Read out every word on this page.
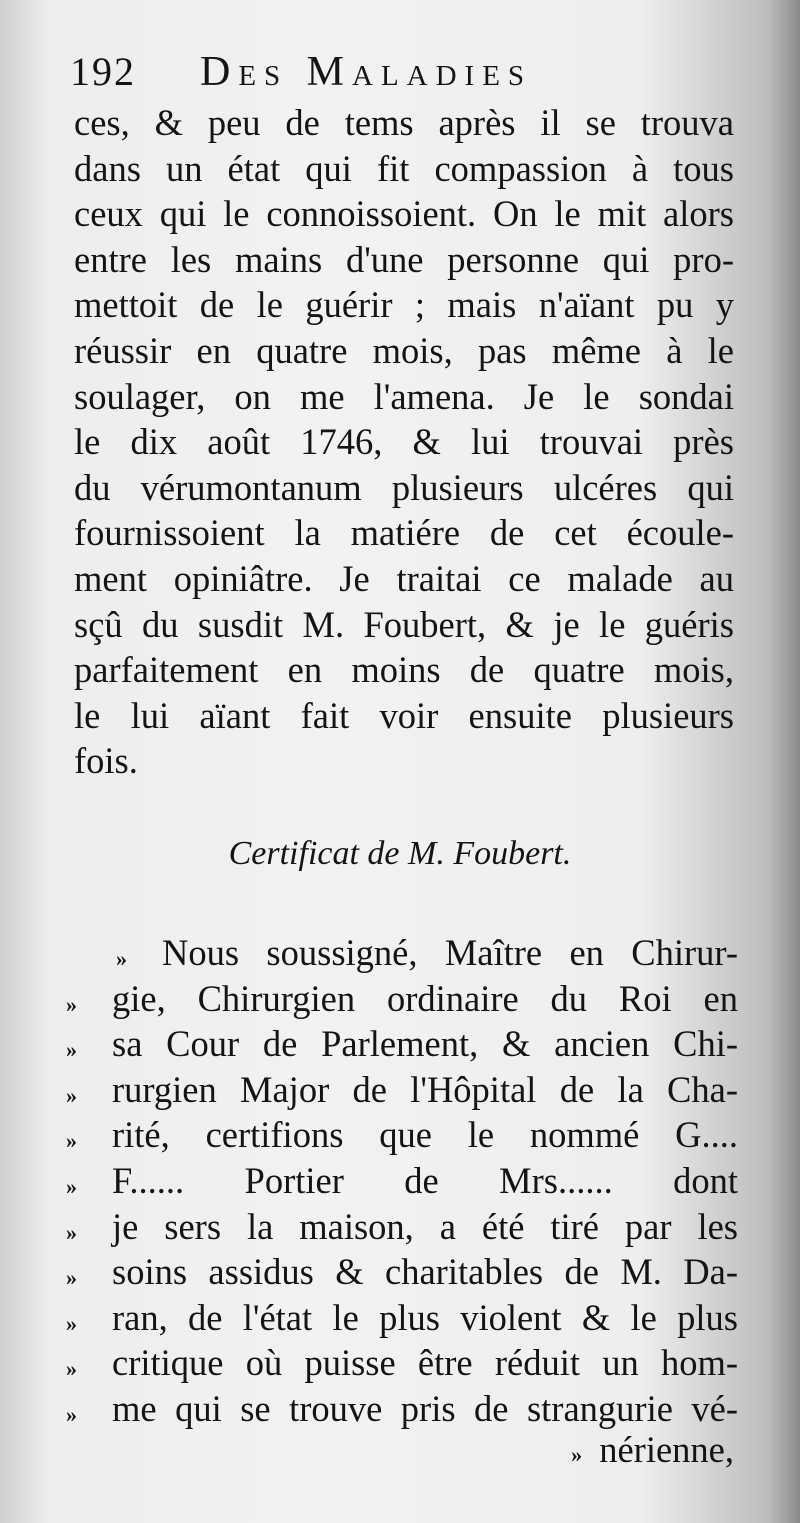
192 Des Maladies
ces, & peu de tems après il se trouva
dans un état qui fit compassion à tous
ceux qui le connoissoient. On le mit alors
entre les mains d'une personne qui pro-
mettoit de le guérir ; mais n'aïant pu y
réussir en quatre mois, pas même à le
soulager, on me l'amena. Je le sondai
le dix août 1746, & lui trouvai près
du vérumontanum plusieurs ulcéres qui
fournissoient la matiére de cet écoule-
ment opiniâtre. Je traitai ce malade au
sçû du susdit M. Foubert, & je le guéris
parfaitement en moins de quatre mois,
le lui aïant fait voir ensuite plusieurs
fois.
Certificat de M. Foubert.
» Nous soussigné, Maître en Chirur-
» gie, Chirurgien ordinaire du Roi en
» sa Cour de Parlement, & ancien Chi-
» rurgien Major de l'Hôpital de la Cha-
» rité, certifions que le nommé G....
» F...... Portier de Mrs...... dont
» je sers la maison, a été tiré par les
» soins assidus & charitables de M. Da-
» ran, de l'état le plus violent & le plus
» critique où puisse être réduit un hom-
» me qui se trouve pris de strangurie vé-
» nérienne,
